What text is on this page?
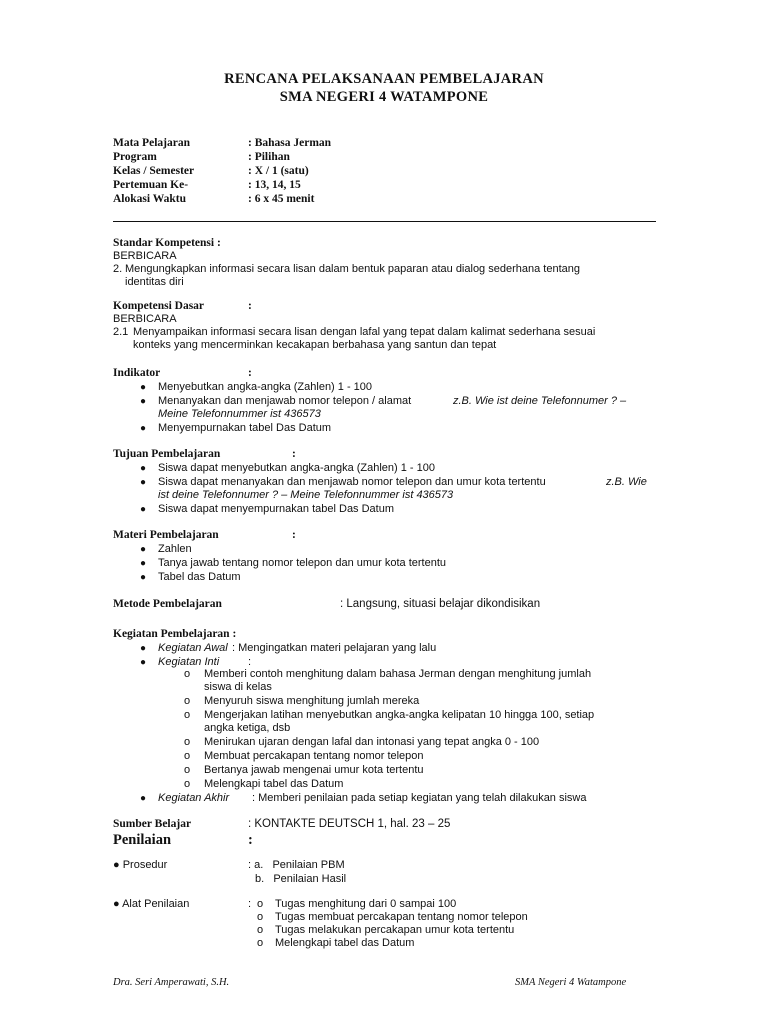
RENCANA PELAKSANAAN PEMBELAJARAN
SMA NEGERI 4 WATAMPONE
Mata Pelajaran	: Bahasa Jerman
Program	: Pilihan
Kelas / Semester	: X / 1 (satu)
Pertemuan Ke-	: 13, 14, 15
Alokasi Waktu	: 6 x 45 menit
Standar Kompetensi :
BERBICARA
2. Mengungkapkan informasi secara lisan dalam bentuk paparan atau dialog sederhana tentang
identitas diri
Kompetensi Dasar	:
BERBICARA
2.1 Menyampaikan informasi secara lisan dengan lafal yang tepat dalam kalimat sederhana sesuai
konteks yang mencerminkan kecakapan berbahasa yang santun dan tepat
Indikator	:
● Menyebutkan angka-angka (Zahlen) 1 - 100
● Menanyakan dan menjawab nomor telepon / alamat	z.B. Wie ist deine Telefonnumer ? –
Meine Telefonnummer ist 436573
● Menyempurnakan tabel Das Datum
Tujuan Pembelajaran	:
● Siswa dapat menyebutkan angka-angka (Zahlen) 1 - 100
● Siswa dapat menanyakan dan menjawab nomor telepon dan umur kota tertentu	z.B. Wie
ist deine Telefonnumer ? – Meine Telefonnummer ist 436573
● Siswa dapat menyempurnakan tabel Das Datum
Materi Pembelajaran	:
● Zahlen
● Tanya jawab tentang nomor telepon dan umur kota tertentu
● Tabel das Datum
Metode Pembelajaran	: Langsung, situasi belajar dikondisikan
Kegiatan Pembelajaran :
● Kegiatan Awal : Mengingatkan materi pelajaran yang lalu
● Kegiatan Inti	:
o Memberi contoh menghitung dalam bahasa Jerman dengan menghitung jumlah
siswa di kelas
o Menyuruh siswa menghitung jumlah mereka
o Mengerjakan latihan menyebutkan angka-angka kelipatan 10 hingga 100, setiap
angka ketiga, dsb
o Menirukan ujaran dengan lafal dan intonasi yang tepat angka 0 - 100
o Membuat percakapan tentang nomor telepon
o Bertanya jawab mengenai umur kota tertentu
o Melengkapi tabel das Datum
● Kegiatan Akhir : Memberi penilaian pada setiap kegiatan yang telah dilakukan siswa
Sumber Belajar	: KONTAKTE DEUTSCH 1, hal. 23 – 25
Penilaian	:
● Prosedur	: a.   Penilaian PBM
b.   Penilaian Hasil
● Alat Penilaian	: o Tugas menghitung dari 0 sampai 100
o Tugas membuat percakapan tentang nomor telepon
o Tugas melakukan percakapan umur kota tertentu
o Melengkapi tabel das Datum
Dra. Seri Amperawati, S.H.	SMA Negeri 4 Watampone
